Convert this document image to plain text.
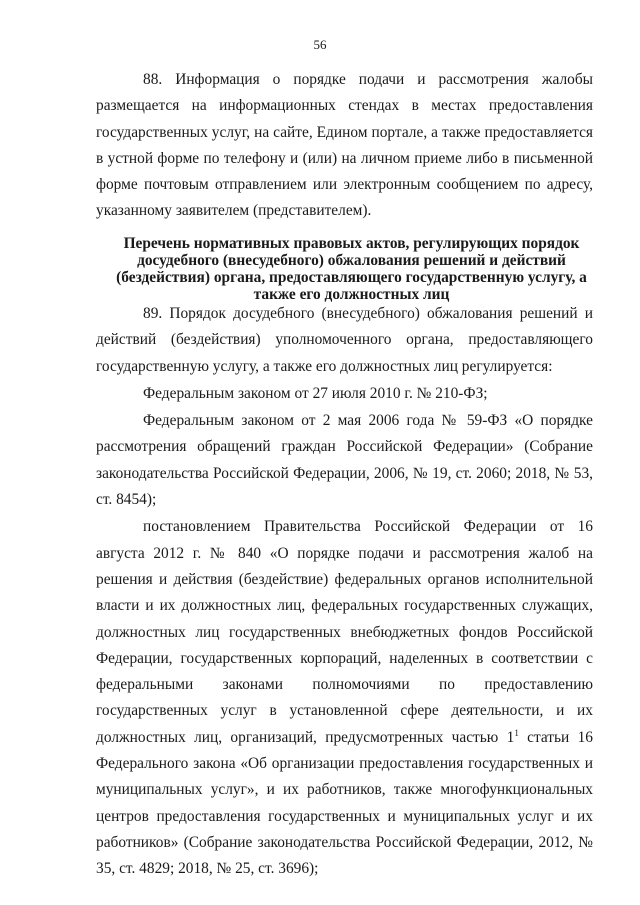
56

88. Информация о порядке подачи и рассмотрения жалобы размещается на информационных стендах в местах предоставления государственных услуг, на сайте, Едином портале, а также предоставляется в устной форме по телефону и (или) на личном приеме либо в письменной форме почтовым отправлением или электронным сообщением по адресу, указанному заявителем (представителем).

Перечень нормативных правовых актов, регулирующих порядок досудебного (внесудебного) обжалования решений и действий (бездействия) органа, предоставляющего государственную услугу, а также его должностных лиц

89. Порядок досудебного (внесудебного) обжалования решений и действий (бездействия) уполномоченного органа, предоставляющего государственную услугу, а также его должностных лиц регулируется:

Федеральным законом от 27 июля 2010 г. № 210-ФЗ;

Федеральным законом от 2 мая 2006 года № 59-ФЗ «О порядке рассмотрения обращений граждан Российской Федерации» (Собрание законодательства Российской Федерации, 2006, № 19, ст. 2060; 2018, № 53, ст. 8454);

постановлением Правительства Российской Федерации от 16 августа 2012 г. № 840 «О порядке подачи и рассмотрения жалоб на решения и действия (бездействие) федеральных органов исполнительной власти и их должностных лиц, федеральных государственных служащих, должностных лиц государственных внебюджетных фондов Российской Федерации, государственных корпораций, наделенных в соответствии с федеральными законами полномочиями по предоставлению государственных услуг в установленной сфере деятельности, и их должностных лиц, организаций, предусмотренных частью $1^1$ статьи 16 Федерального закона «Об организации предоставления государственных и муниципальных услуг», и их работников, также многофункциональных центров предоставления государственных и муниципальных услуг и их работников» (Собрание законодательства Российской Федерации, 2012, № 35, ст. 4829; 2018, № 25, ст. 3696);
